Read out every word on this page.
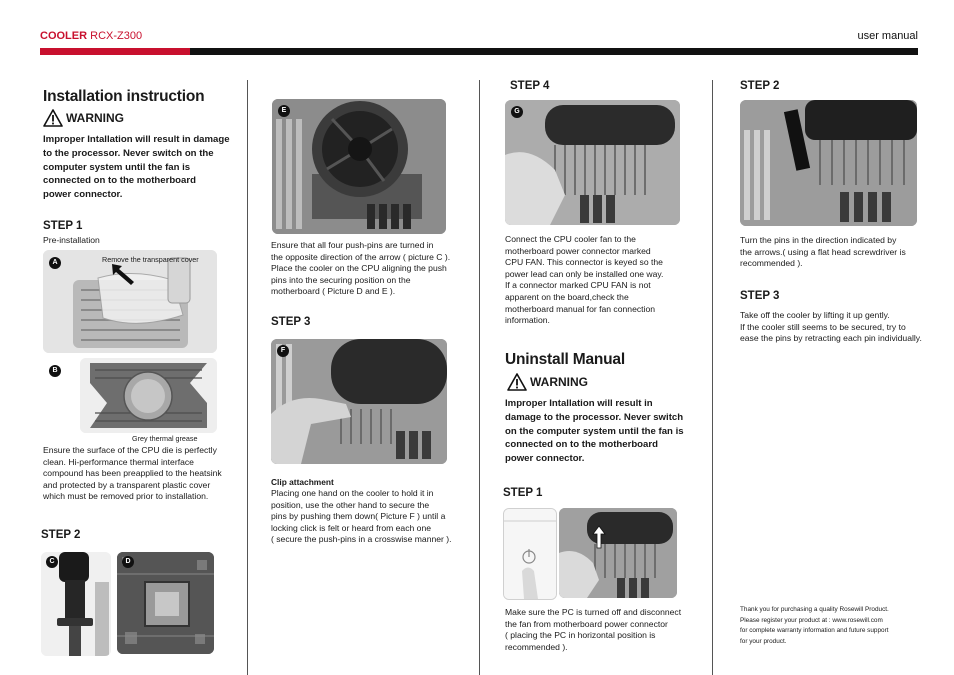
COOLER RCX-Z300	user manual
Installation instruction
WARNING
Improper Intallation will result in damage
to the processor. Never switch on the
computer system until the fan is
connected on to the motherboard
power connector.
STEP 1
Pre-installation
A	Remove the transparent cover
B
Grey thermal grease
Ensure the surface of the CPU die is perfectly
clean. Hi-performance thermal interface
compound has been preapplied to the heatsink
and protected by a transparent plastic cover
which must be removed prior to installation.
STEP 2
C	D
E
Ensure that all four push-pins are turned in
the opposite direction of the arrow ( picture C ).
Place the cooler on the CPU aligning the push
pins into the securing position on the
motherboard ( Picture D and E ).
STEP 3
F
Clip attachment
Placing one hand on the cooler to hold it in
position, use the other hand to secure the
pins by pushing them down( Picture F ) until a
locking click is felt or heard from each one
( secure the push-pins in a crosswise manner ).
STEP 4
G
Connect the CPU cooler fan to the
motherboard power connector marked
CPU FAN. This connector is keyed so the
power lead can only be installed one way.
If a connector marked CPU FAN is not
apparent on the board,check the
motherboard manual for fan connection
information.
Uninstall Manual
WARNING
Improper Intallation will result in
damage to the processor. Never switch
on the computer system until the fan is
connected on to the motherboard
power connector.
STEP 1
Make sure the PC is turned off and disconnect
the fan from motherboard power connector
( placing the PC in horizontal position is
recommended ).
STEP 2
Turn the pins in the direction indicated by
the arrows.( using a flat head screwdriver is
recommended ).
STEP 3
Take off the cooler by lifting it up gently.
If the cooler still seems to be secured, try to
ease the pins by retracting each pin individually.
Thank you for purchasing a quality Rosewill Product.
Please register your product at : www.rosewill.com
for complete warranty information and future support
for your product.
